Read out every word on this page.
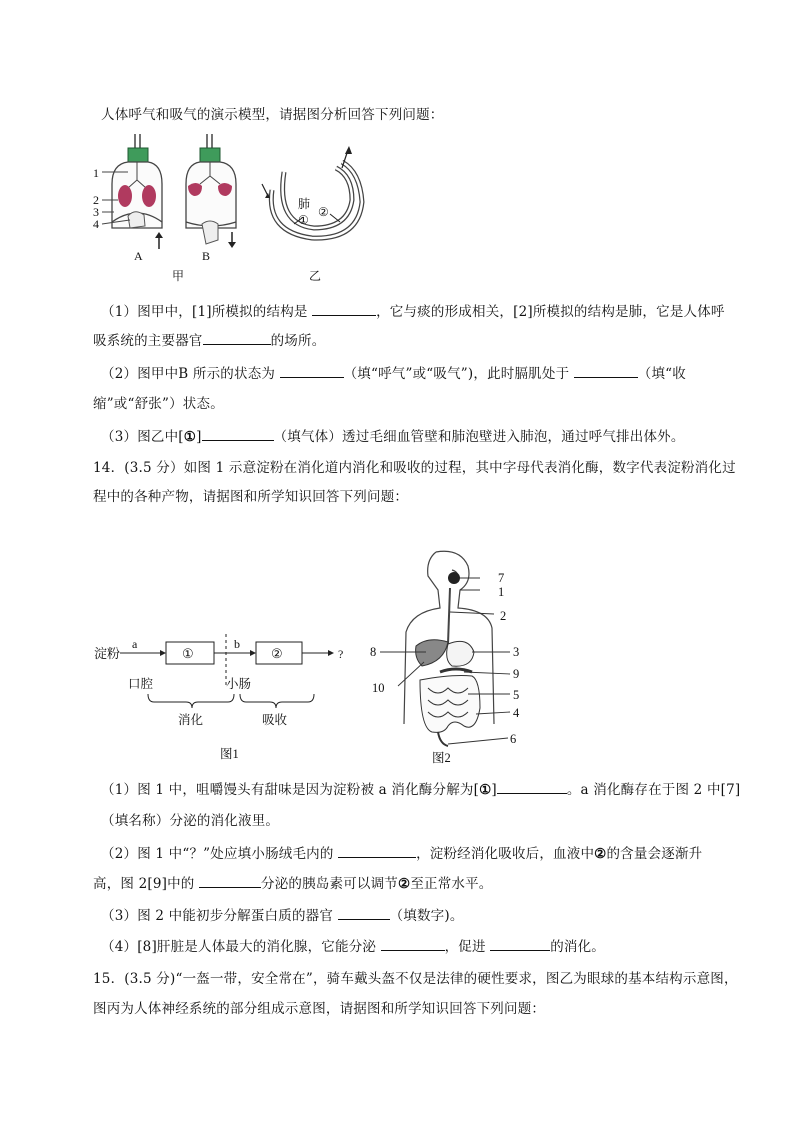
人体呼气和吸气的演示模型，请据图分析回答下列问题：
1
2
3
4
A	B
甲
肺
①
②
乙
（1）图甲中，[1]所模拟的结构是	，它与痰的形成相关，[2]所模拟的结构是肺，它是人体呼
吸系统的主要器官	的场所。
（2）图甲中B 所示的状态为	（填“呼气”或“吸气”)，此时膈肌处于	（填“收
缩”或“舒张”）状态。
（3）图乙中[①]	（填气体）透过毛细血管壁和肺泡壁进入肺泡，通过呼气排出体外。
14．(3.5 分）如图 1 示意淀粉在消化道内消化和吸收的过程，其中字母代表消化酶，数字代表淀粉消化过
程中的各种产物，请据图和所学知识回答下列问题：
淀粉
a
①
b
②	?
口腔	小肠
消化	吸收
图1
7
1
2
8	3
9
10	5
4
6
图2
（1）图 1 中，咀嚼馒头有甜味是因为淀粉被 a 消化酶分解为[①]	。a 消化酶存在于图 2 中[7]
（填名称）分泌的消化液里。
（2）图 1 中“？”处应填小肠绒毛内的	，淀粉经消化吸收后，血液中②的含量会逐渐升
高，图 2[9]中的	分泌的胰岛素可以调节②至正常水平。
（3）图 2 中能初步分解蛋白质的器官	（填数字)。
（4）[8]肝脏是人体最大的消化腺，它能分泌	，促进	的消化。
15．(3.5 分)“一盔一带，安全常在”，骑车戴头盔不仅是法律的硬性要求，图乙为眼球的基本结构示意图，
图丙为人体神经系统的部分组成示意图，请据图和所学知识回答下列问题：
